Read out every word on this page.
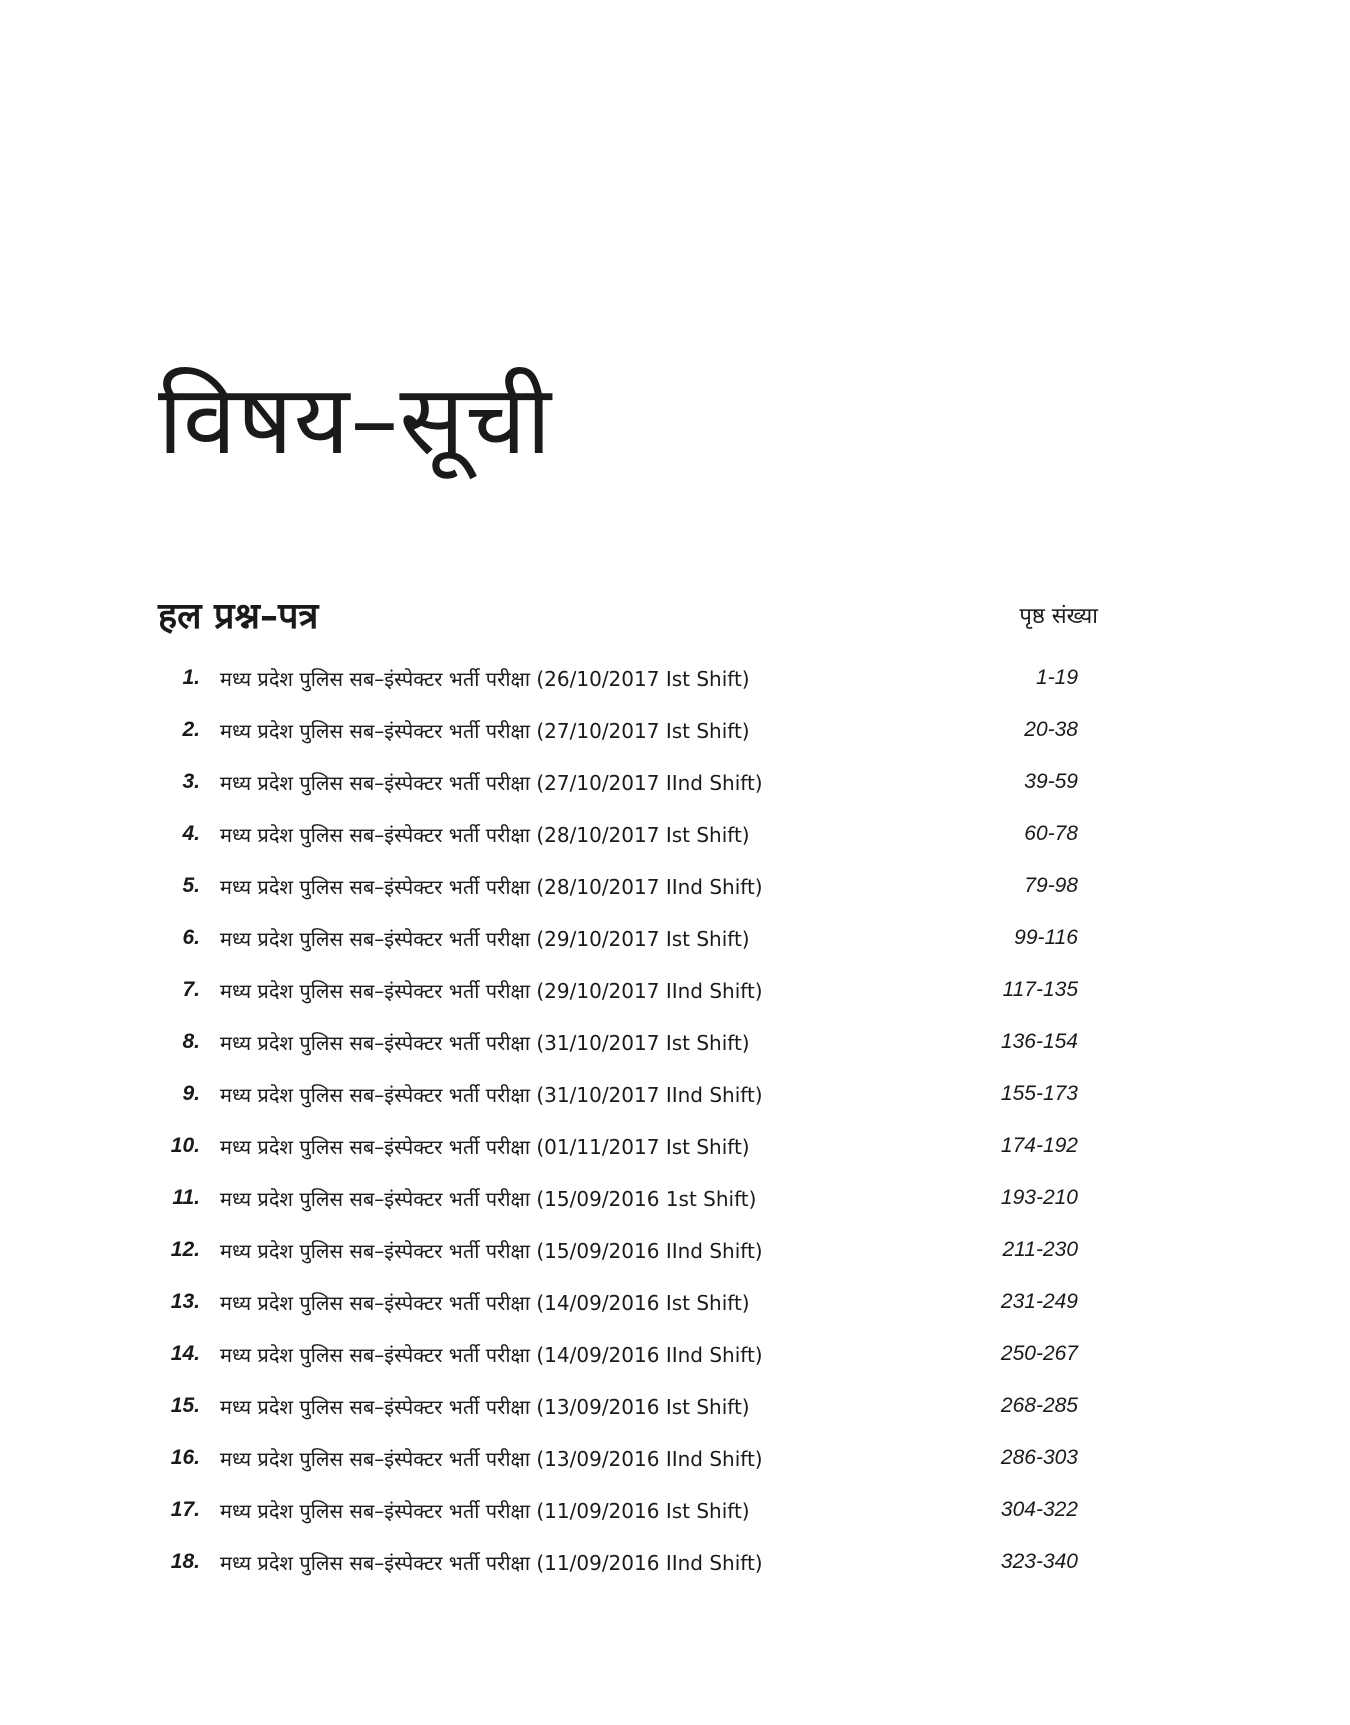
विषय–सूची
हल प्रश्न–पत्र	पृष्ठ संख्या
1. मध्य प्रदेश पुलिस सब–इंस्पेक्टर भर्ती परीक्षा (26/10/2017 Ist Shift)	1-19
2. मध्य प्रदेश पुलिस सब–इंस्पेक्टर भर्ती परीक्षा (27/10/2017 Ist Shift)	20-38
3. मध्य प्रदेश पुलिस सब–इंस्पेक्टर भर्ती परीक्षा (27/10/2017 IInd Shift)	39-59
4. मध्य प्रदेश पुलिस सब–इंस्पेक्टर भर्ती परीक्षा (28/10/2017 Ist Shift)	60-78
5. मध्य प्रदेश पुलिस सब–इंस्पेक्टर भर्ती परीक्षा (28/10/2017 IInd Shift)	79-98
6. मध्य प्रदेश पुलिस सब–इंस्पेक्टर भर्ती परीक्षा (29/10/2017 Ist Shift)	99-116
7. मध्य प्रदेश पुलिस सब–इंस्पेक्टर भर्ती परीक्षा (29/10/2017 IInd Shift)	117-135
8. मध्य प्रदेश पुलिस सब–इंस्पेक्टर भर्ती परीक्षा (31/10/2017 Ist Shift)	136-154
9. मध्य प्रदेश पुलिस सब–इंस्पेक्टर भर्ती परीक्षा (31/10/2017 IInd Shift)	155-173
10. मध्य प्रदेश पुलिस सब–इंस्पेक्टर भर्ती परीक्षा (01/11/2017 Ist Shift)	174-192
11. मध्य प्रदेश पुलिस सब–इंस्पेक्टर भर्ती परीक्षा (15/09/2016 1st Shift)	193-210
12. मध्य प्रदेश पुलिस सब–इंस्पेक्टर भर्ती परीक्षा (15/09/2016 IInd Shift)	211-230
13. मध्य प्रदेश पुलिस सब–इंस्पेक्टर भर्ती परीक्षा (14/09/2016 Ist Shift)	231-249
14. मध्य प्रदेश पुलिस सब–इंस्पेक्टर भर्ती परीक्षा (14/09/2016 IInd Shift)	250-267
15. मध्य प्रदेश पुलिस सब–इंस्पेक्टर भर्ती परीक्षा (13/09/2016 Ist Shift)	268-285
16. मध्य प्रदेश पुलिस सब–इंस्पेक्टर भर्ती परीक्षा (13/09/2016 IInd Shift)	286-303
17. मध्य प्रदेश पुलिस सब–इंस्पेक्टर भर्ती परीक्षा (11/09/2016 Ist Shift)	304-322
18. मध्य प्रदेश पुलिस सब–इंस्पेक्टर भर्ती परीक्षा (11/09/2016 IInd Shift)	323-340
